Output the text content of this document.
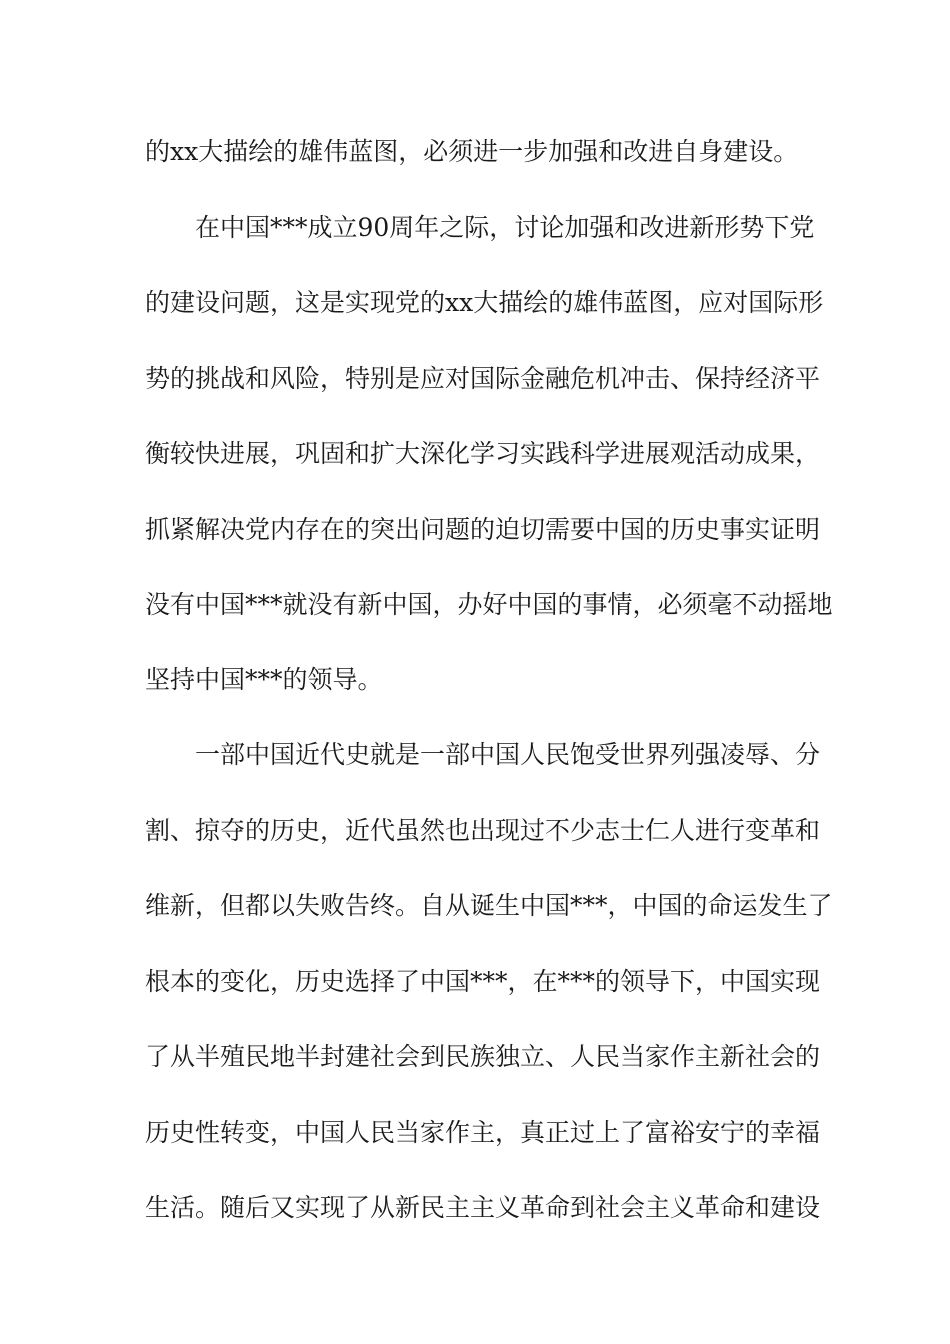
的xx大描绘的雄伟蓝图，必须进一步加强和改进自身建设。
在中国***成立90周年之际，讨论加强和改进新形势下党
的建设问题，这是实现党的xx大描绘的雄伟蓝图，应对国际形
势的挑战和风险，特别是应对国际金融危机冲击、保持经济平
衡较快进展，巩固和扩大深化学习实践科学进展观活动成果，
抓紧解决党内存在的突出问题的迫切需要中国的历史事实证明
没有中国***就没有新中国，办好中国的事情，必须毫不动摇地
坚持中国***的领导。
一部中国近代史就是一部中国人民饱受世界列强凌辱、分
割、掠夺的历史，近代虽然也出现过不少志士仁人进行变革和
维新，但都以失败告终。自从诞生中国***，中国的命运发生了
根本的变化，历史选择了中国***，在***的领导下，中国实现
了从半殖民地半封建社会到民族独立、人民当家作主新社会的
历史性转变，中国人民当家作主，真正过上了富裕安宁的幸福
生活。随后又实现了从新民主主义革命到社会主义革命和建设
